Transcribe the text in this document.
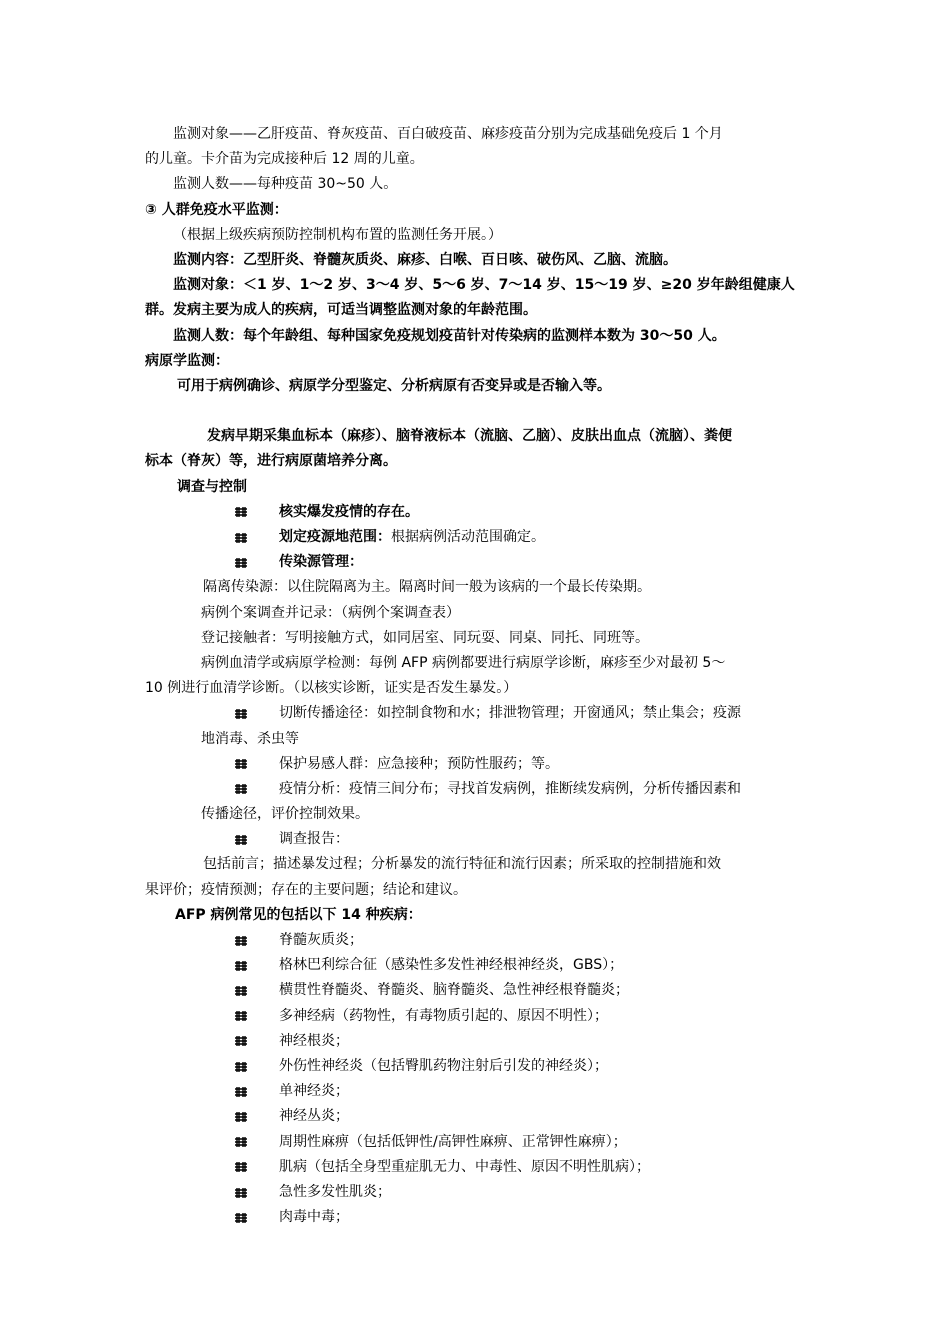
监测对象——乙肝疫苗、脊灰疫苗、百白破疫苗、麻疹疫苗分别为完成基础免疫后 1 个月
的儿童。卡介苗为完成接种后 12 周的儿童。
监测人数——每种疫苗 30~50 人。
③ 人群免疫水平监测：
（根据上级疾病预防控制机构布置的监测任务开展。）
监测内容：乙型肝炎、脊髓灰质炎、麻疹、白喉、百日咳、破伤风、乙脑、流脑。
监测对象：＜1 岁、1～2 岁、3～4 岁、5～6 岁、7～14 岁、15～19 岁、≥20 岁年龄组健康人
群。发病主要为成人的疾病，可适当调整监测对象的年龄范围。
监测人数：每个年龄组、每种国家免疫规划疫苗针对传染病的监测样本数为 30～50 人。
病原学监测：
可用于病例确诊、病原学分型鉴定、分析病原有否变异或是否输入等。
发病早期采集血标本（麻疹）、脑脊液标本（流脑、乙脑）、皮肤出血点（流脑）、粪便
标本（脊灰）等，进行病原菌培养分离。
调查与控制
核实爆发疫情的存在。
划定疫源地范围： 根据病例活动范围确定。
传染源管理：
隔离传染源：以住院隔离为主。隔离时间一般为该病的一个最长传染期。
病例个案调查并记录：（病例个案调查表）
登记接触者：写明接触方式，如同居室、同玩耍、同桌、同托、同班等。
病例血清学或病原学检测：每例 AFP 病例都要进行病原学诊断，麻疹至少对最初 5～
10 例进行血清学诊断。（以核实诊断，证实是否发生暴发。）
切断传播途径：如控制食物和水；排泄物管理；开窗通风；禁止集会；疫源
地消毒、杀虫等
保护易感人群：应急接种；预防性服药；等。
疫情分析：疫情三间分布；寻找首发病例，推断续发病例，分析传播因素和
传播途径，评价控制效果。
调查报告：
包括前言；描述暴发过程；分析暴发的流行特征和流行因素；所采取的控制措施和效
果评价；疫情预测；存在的主要问题；结论和建议。
AFP 病例常见的包括以下 14 种疾病：
脊髓灰质炎；
格林巴利综合征（感染性多发性神经根神经炎，GBS）；
横贯性脊髓炎、脊髓炎、脑脊髓炎、急性神经根脊髓炎；
多神经病（药物性，有毒物质引起的、原因不明性）；
神经根炎；
外伤性神经炎（包括臀肌药物注射后引发的神经炎）；
单神经炎；
神经丛炎；
周期性麻痹（包括低钾性/高钾性麻痹、正常钾性麻痹）；
肌病（包括全身型重症肌无力、中毒性、原因不明性肌病）；
急性多发性肌炎；
肉毒中毒；
